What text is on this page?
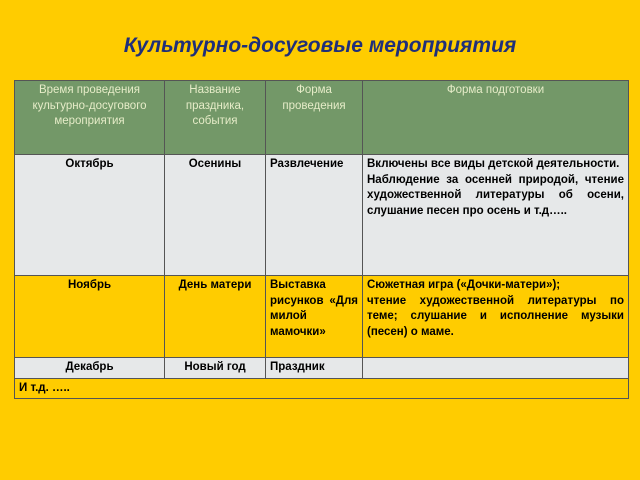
Культурно-досуговые мероприятия
Время проведения культурно-досугового мероприятия	Название праздника, события	Форма проведения	Форма подготовки
Октябрь	Осенины	Развлечение	Включены все виды детской деятельности.
Наблюдение за осенней природой, чтение художественной литературы об осени, слушание песен про осень и т.д…..

Ноябрь	День матери	Выставка рисунков «Для милой мамочки»	Сюжетная игра («Дочки-матери»);
чтение художественной литературы по теме; слушание и исполнение музыки (песен) о маме.

Декабрь	Новый год	Праздник	
И т.д. …..			
